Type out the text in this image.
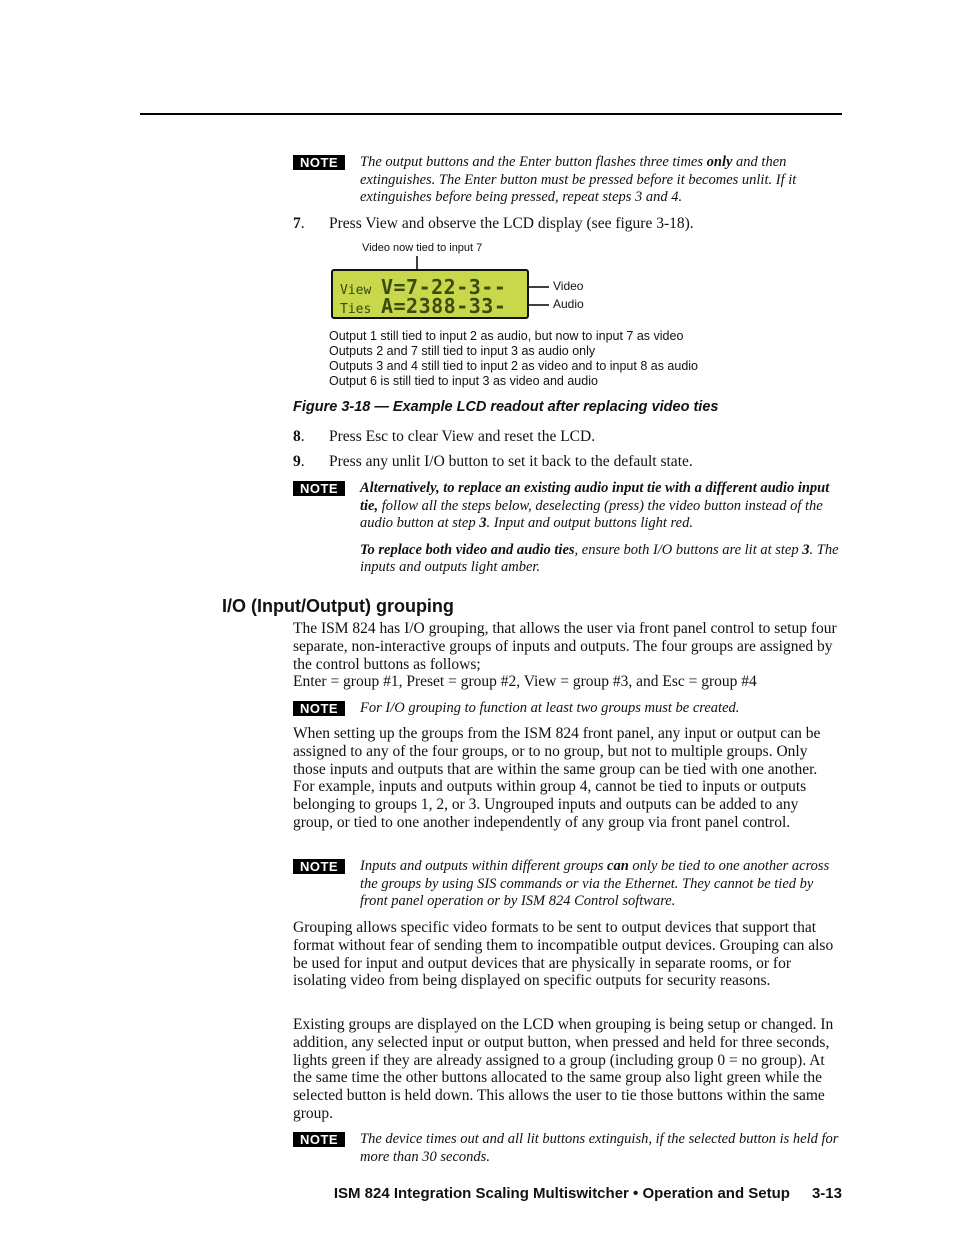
NOTE	The output buttons and the Enter button flashes three times only and then extinguishes. The Enter button must be pressed before it becomes unlit. If it extinguishes before being pressed, repeat steps 3 and 4.
7. Press View and observe the LCD display (see figure 3-18).
Video now tied to input 7
View V=7-22-3--
Ties A=2388-33-
Video
Audio
Output 1 still tied to input 2 as audio, but now to input 7 as video
Outputs 2 and 7 still tied to input 3 as audio only
Outputs 3 and 4 still tied to input 2 as video and to input 8 as audio
Output 6 is still tied to input 3 as video and audio
Figure 3-18 — Example LCD readout after replacing video ties
8. Press Esc to clear View and reset the LCD.
9. Press any unlit I/O button to set it back to the default state.
NOTE	Alternatively, to replace an existing audio input tie with a different audio input tie, follow all the steps below, deselecting (press) the video button instead of the audio button at step 3. Input and output buttons light red.
To replace both video and audio ties, ensure both I/O buttons are lit at step 3. The inputs and outputs light amber.
I/O (Input/Output) grouping
The ISM 824 has I/O grouping, that allows the user via front panel control to setup four separate, non-interactive groups of inputs and outputs. The four groups are assigned by the control buttons as follows;
Enter = group #1, Preset = group #2, View = group #3, and Esc = group #4
NOTE	For I/O grouping to function at least two groups must be created.
When setting up the groups from the ISM 824 front panel, any input or output can be assigned to any of the four groups, or to no group, but not to multiple groups. Only those inputs and outputs that are within the same group can be tied with one another. For example, inputs and outputs within group 4, cannot be tied to inputs or outputs belonging to groups 1, 2, or 3. Ungrouped inputs and outputs can be added to any group, or tied to one another independently of any group via front panel control.
NOTE	Inputs and outputs within different groups can only be tied to one another across the groups by using SIS commands or via the Ethernet. They cannot be tied by front panel operation or by ISM 824 Control software.
Grouping allows specific video formats to be sent to output devices that support that format without fear of sending them to incompatible output devices. Grouping can also be used for input and output devices that are physically in separate rooms, or for isolating video from being displayed on specific outputs for security reasons.
Existing groups are displayed on the LCD when grouping is being setup or changed. In addition, any selected input or output button, when pressed and held for three seconds, lights green if they are already assigned to a group (including group 0 = no group). At the same time the other buttons allocated to the same group also light green while the selected button is held down. This allows the user to tie those buttons within the same group.
NOTE	The device times out and all lit buttons extinguish, if the selected button is held for more than 30 seconds.
ISM 824 Integration Scaling Multiswitcher • Operation and Setup 3-13
